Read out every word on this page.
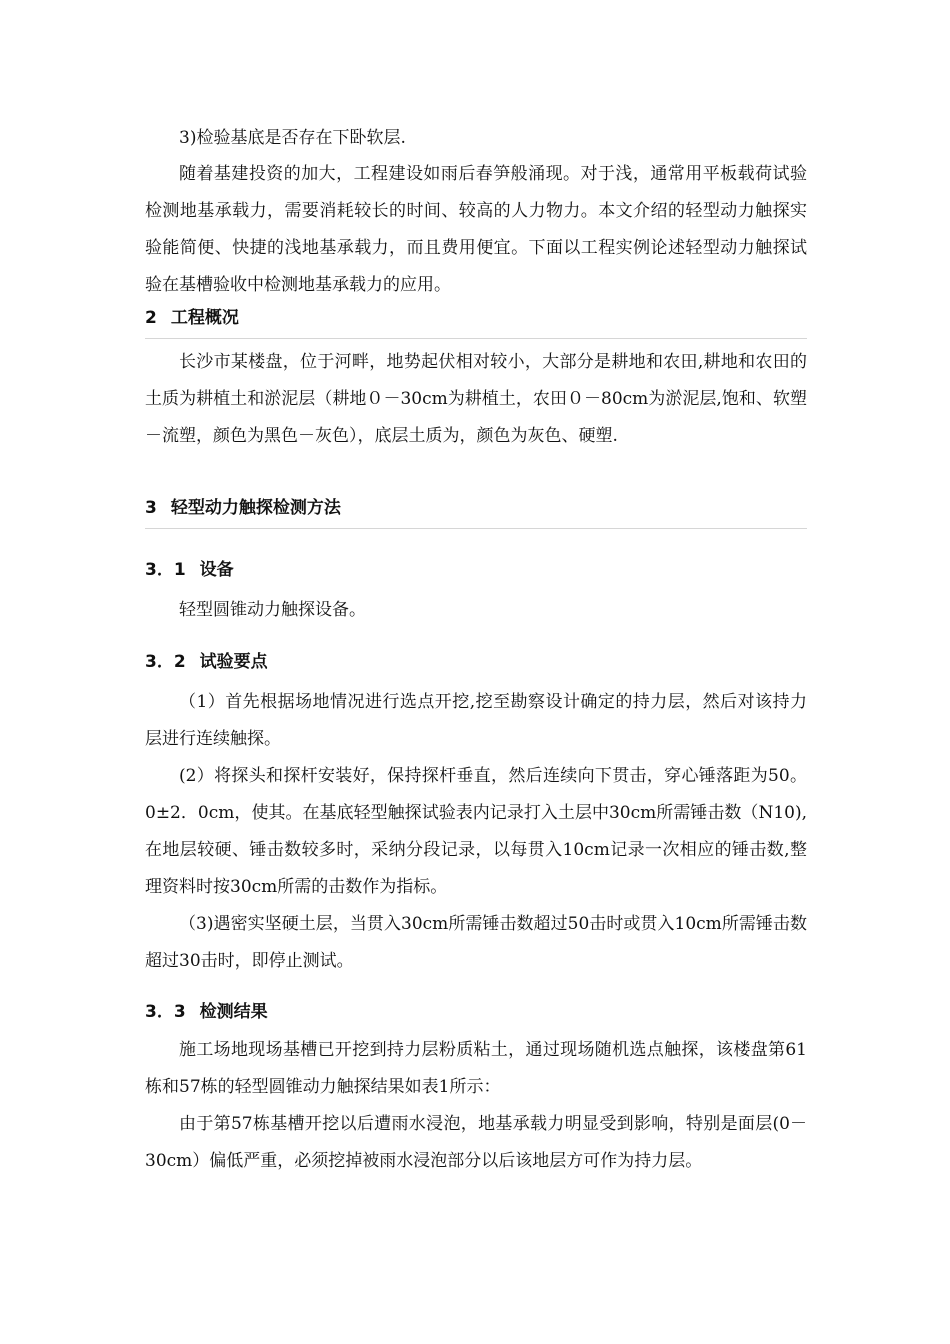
3)检验基底是否存在下卧软层.

随着基建投资的加大，工程建设如雨后春笋般涌现。对于浅，通常用平板载荷试验检测地基承载力，需要消耗较长的时间、较高的人力物力。本文介绍的轻型动力触探实验能简便、快捷的浅地基承载力，而且费用便宜。下面以工程实例论述轻型动力触探试验在基槽验收中检测地基承载力的应用。

2 工程概况

长沙市某楼盘，位于河畔，地势起伏相对较小，大部分是耕地和农田,耕地和农田的土质为耕植土和淤泥层（耕地０－30cm为耕植土，农田０－80cm为淤泥层,饱和、软塑－流塑，颜色为黑色－灰色），底层土质为，颜色为灰色、硬塑.

3 轻型动力触探检测方法
3．1 设备

轻型圆锥动力触探设备。

3．2 试验要点

（1）首先根据场地情况进行选点开挖,挖至勘察设计确定的持力层，然后对该持力层进行连续触探。

(2）将探头和探杆安装好，保持探杆垂直，然后连续向下贯击，穿心锤落距为50。0±2．0cm，使其。在基底轻型触探试验表内记录打入土层中30cm所需锤击数（N10),在地层较硬、锤击数较多时，采纳分段记录，以每贯入10cm记录一次相应的锤击数,整理资料时按30cm所需的击数作为指标。

（3)遇密实坚硬土层，当贯入30cm所需锤击数超过50击时或贯入10cm所需锤击数超过30击时，即停止测试。

3．3 检测结果

施工场地现场基槽已开挖到持力层粉质粘土，通过现场随机选点触探，该楼盘第61栋和57栋的轻型圆锥动力触探结果如表1所示：

由于第57栋基槽开挖以后遭雨水浸泡，地基承载力明显受到影响，特别是面层(0－30cm）偏低严重，必须挖掉被雨水浸泡部分以后该地层方可作为持力层。
